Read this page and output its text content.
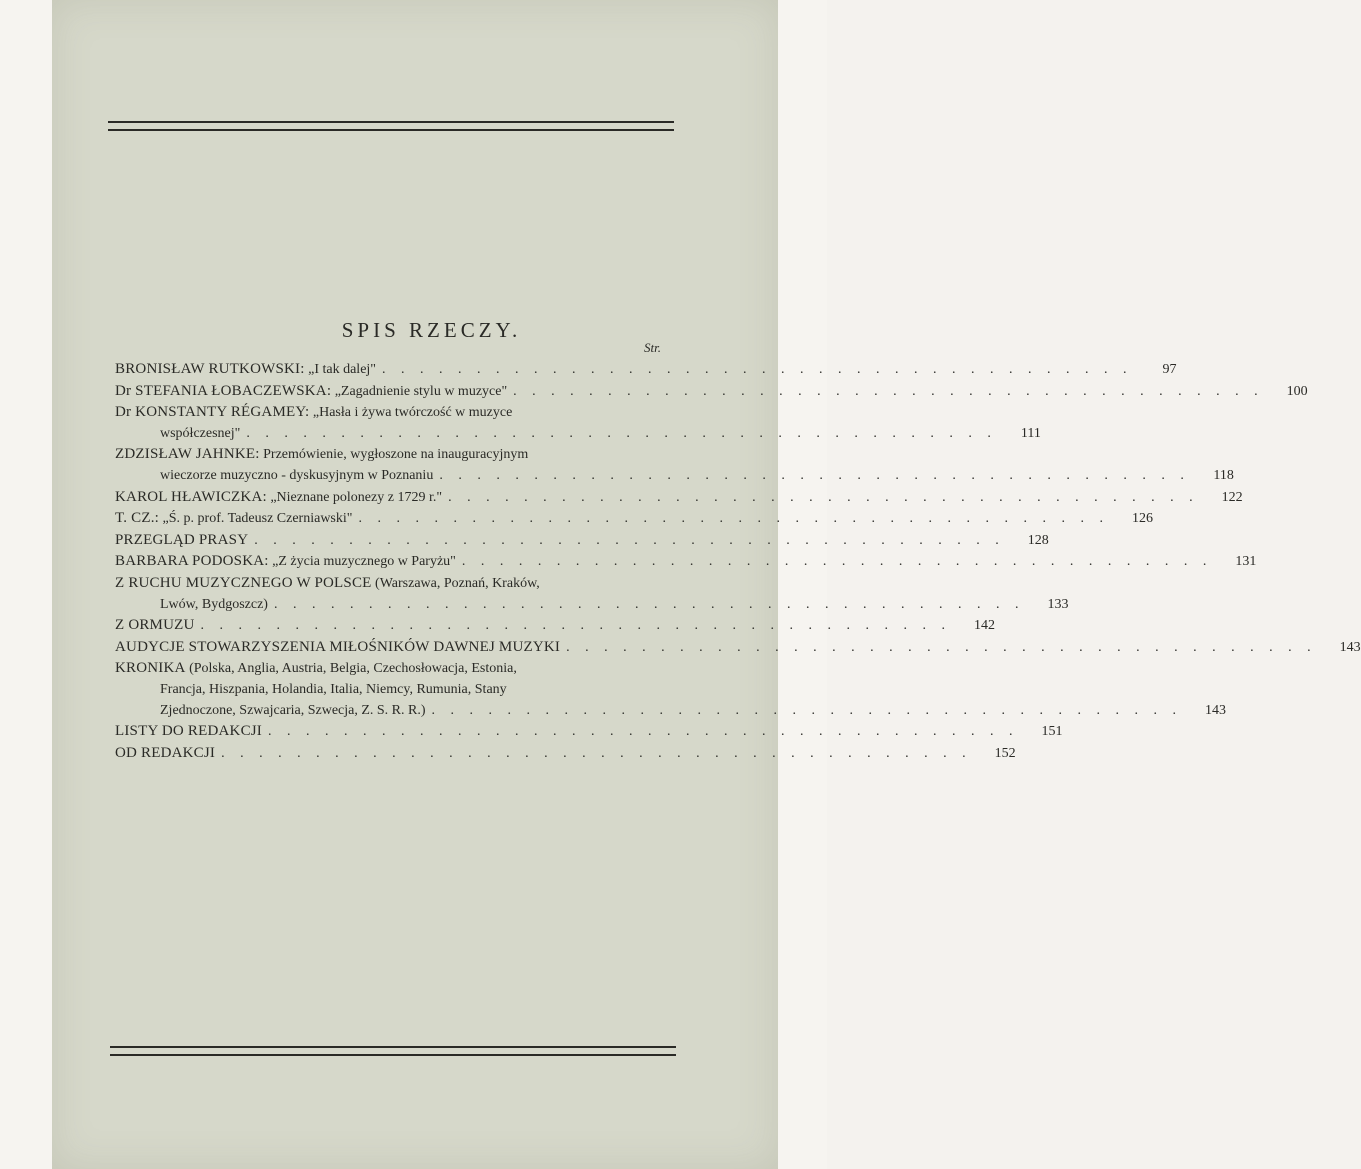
SPIS RZECZY.
Str.
BRONISŁAW RUTKOWSKI: „I tak dalej" . . . . . . . . . . . . . . . . . . . . . . . . . . . . . . . . . . . . . . . .	97
Dr STEFANIA ŁOBACZEWSKA: „Zagadnienie stylu w muzyce" . . . . . . . . . . . . . . . . . . . . . . . . . . . . . . . . . . . . . . . .	100
Dr KONSTANTY RÉGAMEY: „Hasła i żywa twórczość w muzyce
współczesnej" . . . . . . . . . . . . . . . . . . . . . . . . . . . . . . . . . . . . . . . .	111
ZDZISŁAW JAHNKE: Przemówienie, wygłoszone na inauguracyjnym
wieczorze muzyczno - dyskusyjnym w Poznaniu . . . . . . . . . . . . . . . . . . . . . . . . . . . . . . . . . . . . . . . .	118
KAROL HŁAWICZKA: „Nieznane polonezy z 1729 r." . . . . . . . . . . . . . . . . . . . . . . . . . . . . . . . . . . . . . . . .	122
T. CZ.: „Ś. p. prof. Tadeusz Czerniawski" . . . . . . . . . . . . . . . . . . . . . . . . . . . . . . . . . . . . . . . .	126
PRZEGLĄD PRASY . . . . . . . . . . . . . . . . . . . . . . . . . . . . . . . . . . . . . . . .	128
BARBARA PODOSKA: „Z życia muzycznego w Paryżu" . . . . . . . . . . . . . . . . . . . . . . . . . . . . . . . . . . . . . . . .	131
Z RUCHU MUZYCZNEGO W POLSCE (Warszawa, Poznań, Kraków,
Lwów, Bydgoszcz) . . . . . . . . . . . . . . . . . . . . . . . . . . . . . . . . . . . . . . . .	133
Z ORMUZU . . . . . . . . . . . . . . . . . . . . . . . . . . . . . . . . . . . . . . . .	142
AUDYCJE STOWARZYSZENIA MIŁOŚNIKÓW DAWNEJ MUZYKI . . . . . . . . . . . . . . . . . . . . . . . . . . . . . . . . . . . . . . . .	143
KRONIKA (Polska, Anglia, Austria, Belgia, Czechosłowacja, Estonia,
Francja, Hiszpania, Holandia, Italia, Niemcy, Rumunia, Stany
Zjednoczone, Szwajcaria, Szwecja, Z. S. R. R.) . . . . . . . . . . . . . . . . . . . . . . . . . . . . . . . . . . . . . . . .	143
LISTY DO REDAKCJI . . . . . . . . . . . . . . . . . . . . . . . . . . . . . . . . . . . . . . . .	151
OD REDAKCJI . . . . . . . . . . . . . . . . . . . . . . . . . . . . . . . . . . . . . . . .	152
